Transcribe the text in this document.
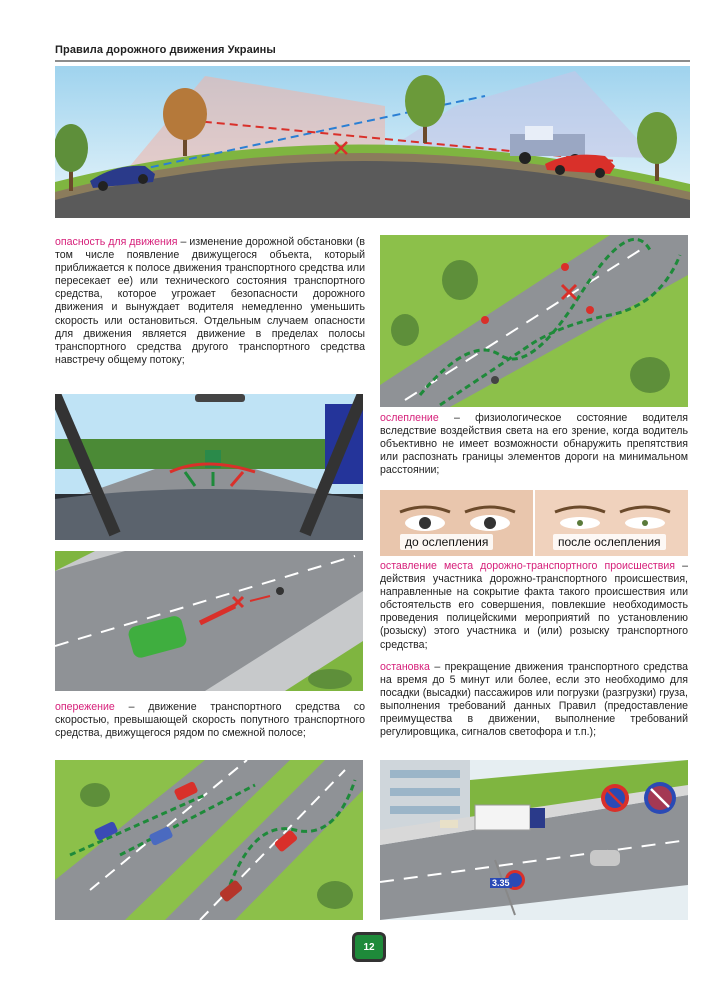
Правила дорожного движения Украины
опасность для движения – изменение дорожной обстановки (в том числе появление движущегося объекта, который приближается к полосе движения транспортного средства или пересекает ее) или технического состояния транспортного средства, которое угрожает безопасности дорожного движения и вынуждает водителя немедленно уменьшить скорость или остановиться. Отдельным случаем опасности для движения является движение в пределах полосы транспортного средства другого транспортного средства навстречу общему потоку;
ослепление – физиологическое состояние водителя вследствие воздействия света на его зрение, когда водитель объективно не имеет возможности обнаружить препятствия или распознать границы элементов дороги на минимальном расстоянии;
до ослепления	после ослепления
оставление места дорожно-транспортного происшествия – действия участника дорожно-транспортного происшествия, направленные на сокрытие факта такого происшествия или обстоятельств его совершения, повлекшие необходимость проведения полицейскими мероприятий по установлению (розыску) этого участника и (или) розыску транспортного средства;
остановка – прекращение движения транспортного средства на время до 5 минут или более, если это необходимо для посадки (высадки) пассажиров или погрузки (разгрузки) груза, выполнения требований данных Правил (предоставление преимущества в движении, выполнение требований регулировщика, сигналов светофора и т.п.);
опережение – движение транспортного средства со скоростью, превышающей скорость попутного транспортного средства, движущегося рядом по смежной полосе;
3.35
12
